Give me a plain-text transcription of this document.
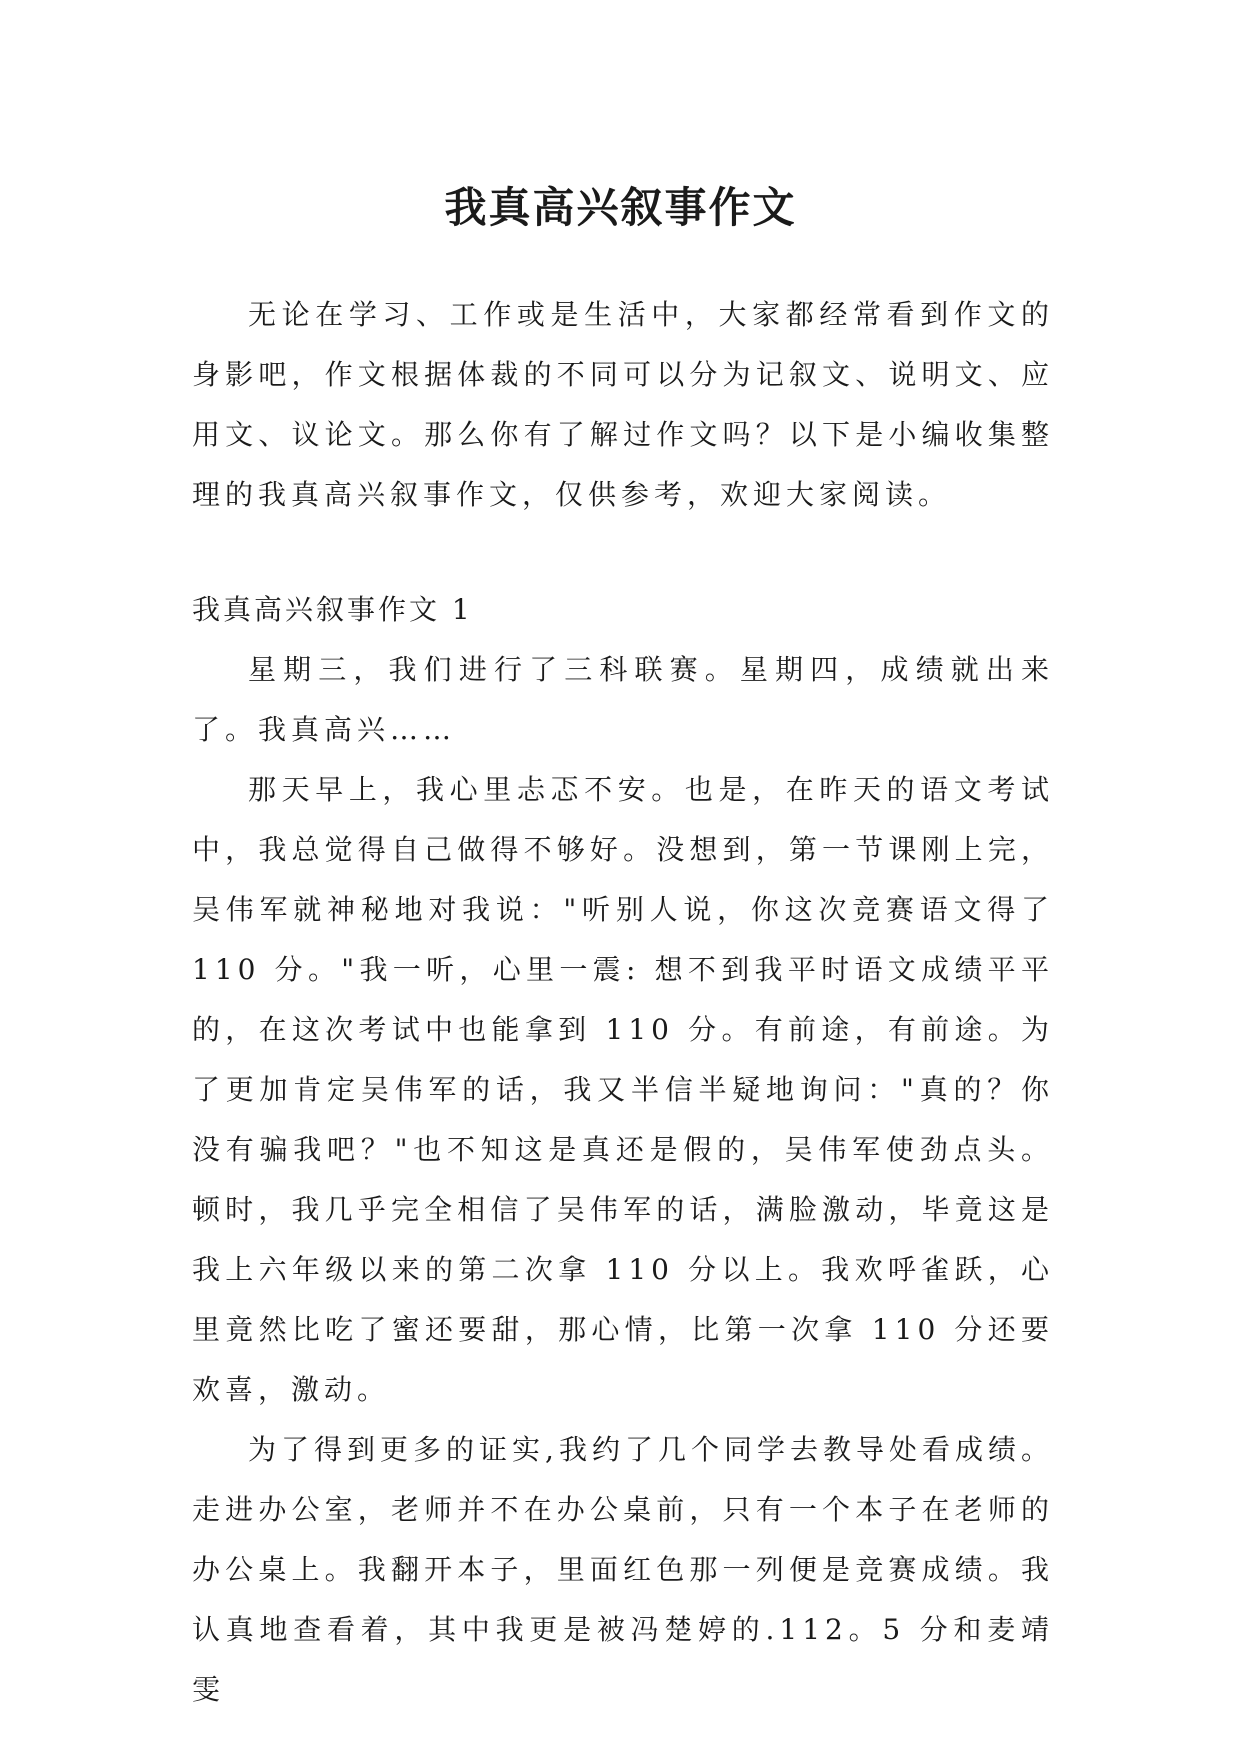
我真高兴叙事作文

无论在学习、工作或是生活中，大家都经常看到作文的身影吧，作文根据体裁的不同可以分为记叙文、说明文、应用文、议论文。那么你有了解过作文吗？以下是小编收集整理的我真高兴叙事作文，仅供参考，欢迎大家阅读。

我真高兴叙事作文 1

星期三，我们进行了三科联赛。星期四，成绩就出来了。我真高兴……

那天早上，我心里忐忑不安。也是，在昨天的语文考试中，我总觉得自己做得不够好。没想到，第一节课刚上完，吴伟军就神秘地对我说："听别人说，你这次竞赛语文得了 110 分。"我一听，心里一震: 想不到我平时语文成绩平平的，在这次考试中也能拿到 110 分。有前途，有前途。为了更加肯定吴伟军的话，我又半信半疑地询问："真的？你没有骗我吧？"也不知这是真还是假的，吴伟军使劲点头。顿时，我几乎完全相信了吴伟军的话，满脸激动，毕竟这是我上六年级以来的第二次拿 110 分以上。我欢呼雀跃，心里竟然比吃了蜜还要甜，那心情，比第一次拿 110 分还要欢喜，激动。

为了得到更多的证实,我约了几个同学去教导处看成绩。走进办公室，老师并不在办公桌前，只有一个本子在老师的办公桌上。我翻开本子，里面红色那一列便是竞赛成绩。我认真地查看着，其中我更是被冯楚婷的.112。5 分和麦靖雯
